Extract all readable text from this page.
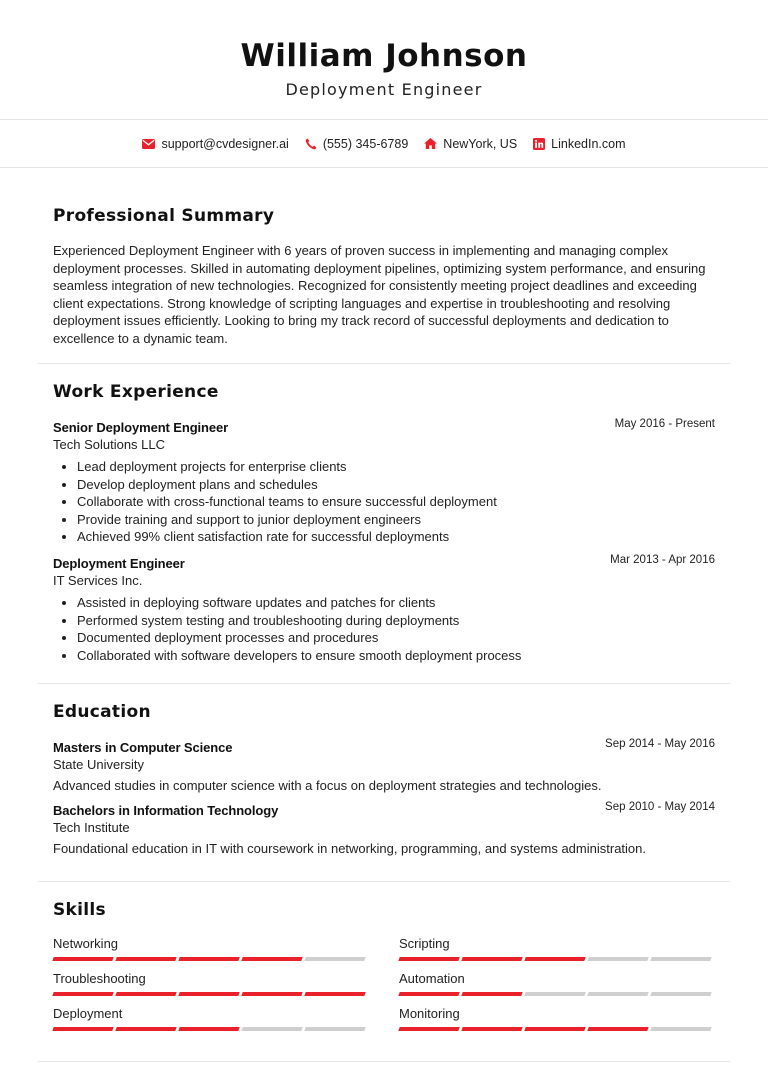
William Johnson
Deployment Engineer
support@cvdesigner.ai	(555) 345-6789	NewYork, US	LinkedIn.com
Professional Summary

Experienced Deployment Engineer with 6 years of proven success in implementing and managing complex deployment processes. Skilled in automating deployment pipelines, optimizing system performance, and ensuring seamless integration of new technologies. Recognized for consistently meeting project deadlines and exceeding client expectations. Strong knowledge of scripting languages and expertise in troubleshooting and resolving deployment issues efficiently. Looking to bring my track record of successful deployments and dedication to excellence to a dynamic team.

Work Experience
Senior Deployment Engineer	May 2016 - Present
Tech Solutions LLC
Lead deployment projects for enterprise clients
Develop deployment plans and schedules
Collaborate with cross-functional teams to ensure successful deployment
Provide training and support to junior deployment engineers
Achieved 99% client satisfaction rate for successful deployments
Deployment Engineer	Mar 2013 - Apr 2016
IT Services Inc.
Assisted in deploying software updates and patches for clients
Performed system testing and troubleshooting during deployments
Documented deployment processes and procedures
Collaborated with software developers to ensure smooth deployment process
Education
Masters in Computer Science	Sep 2014 - May 2016
State University
Advanced studies in computer science with a focus on deployment strategies and technologies.
Bachelors in Information Technology	Sep 2010 - May 2014
Tech Institute
Foundational education in IT with coursework in networking, programming, and systems administration.
Skills
Networking	Scripting
Troubleshooting	Automation
Deployment	Monitoring
